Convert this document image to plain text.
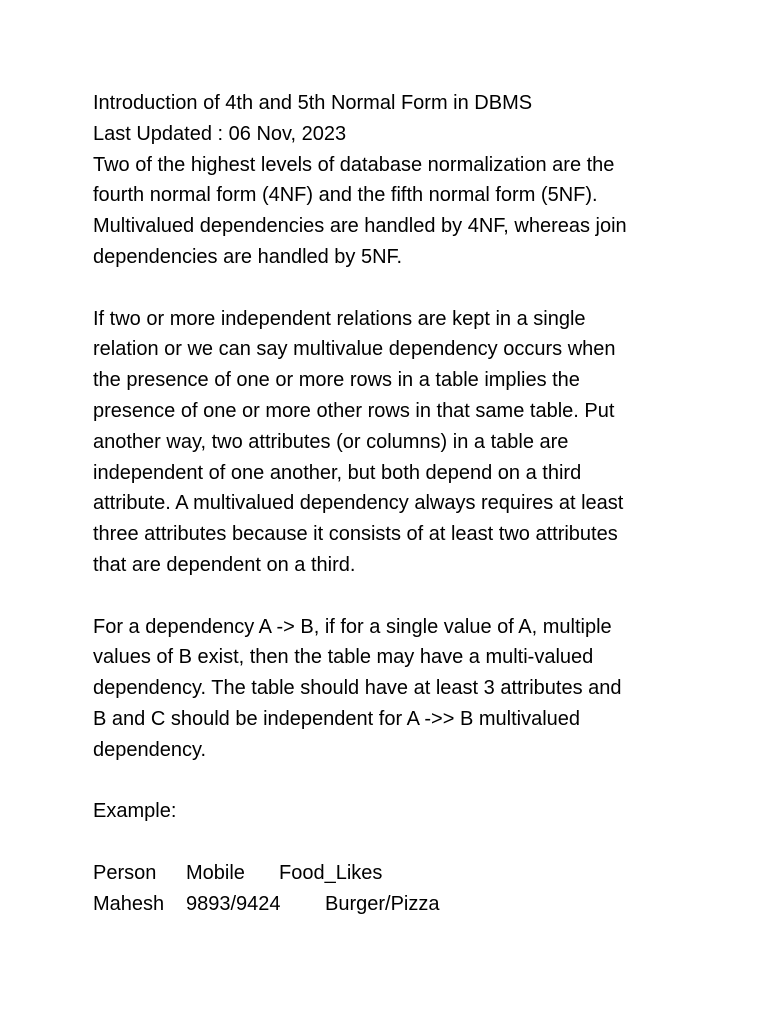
Introduction of 4th and 5th Normal Form in DBMS
Last Updated : 06 Nov, 2023
Two of the highest levels of database normalization are the
fourth normal form (4NF) and the fifth normal form (5NF).
Multivalued dependencies are handled by 4NF, whereas join
dependencies are handled by 5NF.
If two or more independent relations are kept in a single
relation or we can say multivalue dependency occurs when
the presence of one or more rows in a table implies the
presence of one or more other rows in that same table. Put
another way, two attributes (or columns) in a table are
independent of one another, but both depend on a third
attribute. A multivalued dependency always requires at least
three attributes because it consists of at least two attributes
that are dependent on a third.
For a dependency A -> B, if for a single value of A, multiple
values of B exist, then the table may have a multi-valued
dependency. The table should have at least 3 attributes and
B and C should be independent for A ->> B multivalued
dependency.
Example:
Person Mobile Food_Likes
Mahesh 9893/9424 Burger/Pizza
